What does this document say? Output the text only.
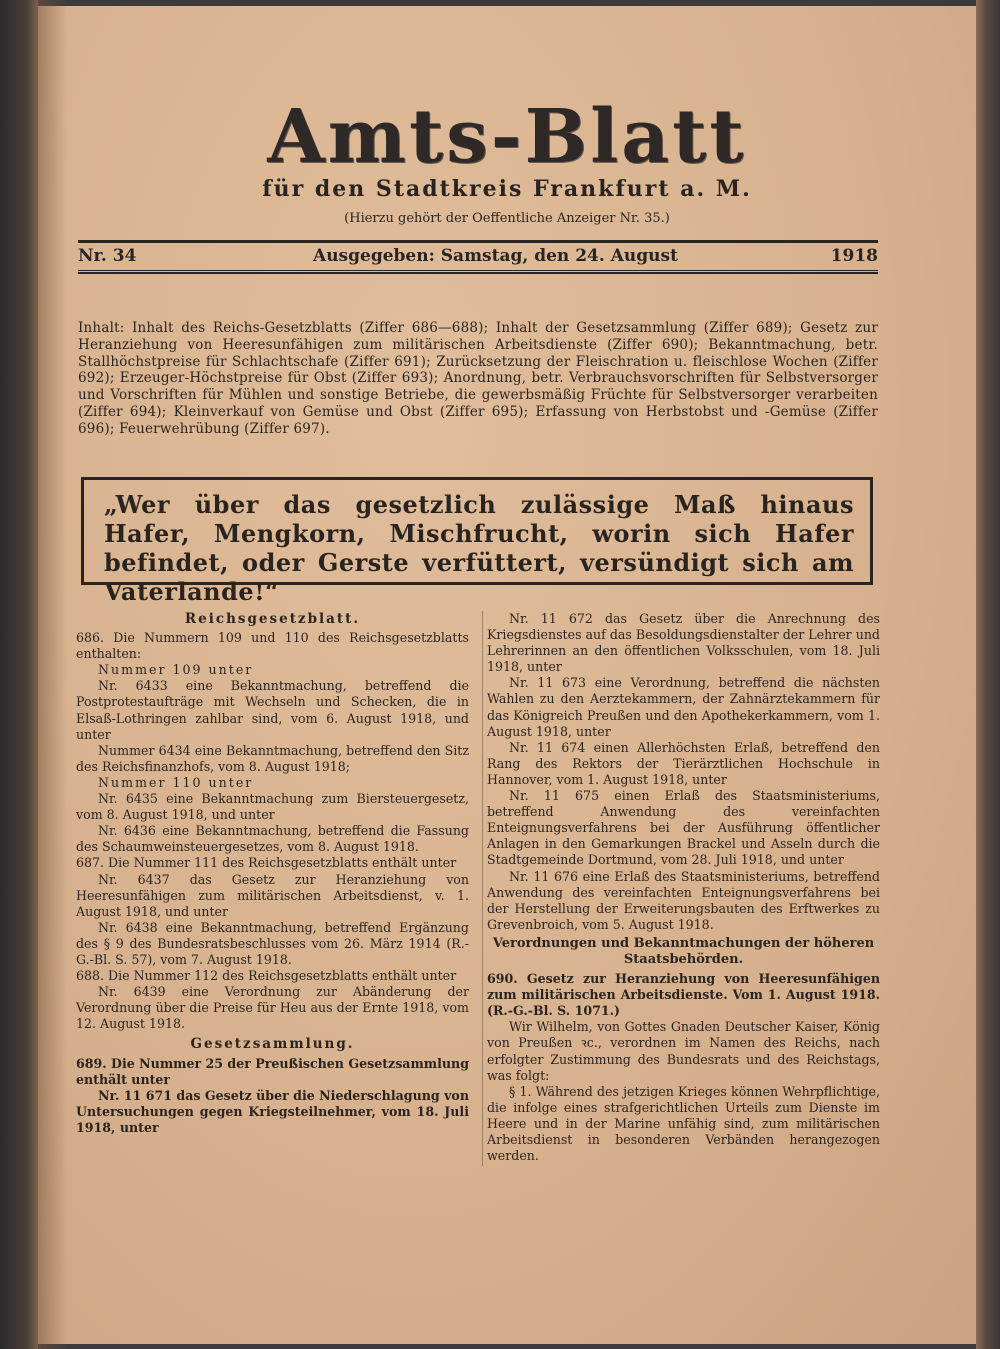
Amts-Blatt
für den Stadtkreis Frankfurt a. M.
(Hierzu gehört der Oeffentliche Anzeiger Nr. 35.)
Nr. 34	Ausgegeben: Samstag, den 24. August	1918
Inhalt: Inhalt des Reichs-Gesetzblatts (Ziffer 686—688); Inhalt der Gesetzsammlung (Ziffer 689); Gesetz zur Heranziehung von Heeresunfähigen zum militärischen Arbeitsdienste (Ziffer 690); Bekanntmachung, betr. Stallhöchstpreise für Schlachtschafe (Ziffer 691); Zurücksetzung der Fleischration u. fleischlose Wochen (Ziffer 692); Erzeuger-Höchstpreise für Obst (Ziffer 693); Anordnung, betr. Verbrauchsvorschriften für Selbstversorger und Vorschriften für Mühlen und sonstige Betriebe, die gewerbsmäßig Früchte für Selbstversorger verarbeiten (Ziffer 694); Kleinverkauf von Gemüse und Obst (Ziffer 695); Erfassung von Herbstobst und -Gemüse (Ziffer 696); Feuerwehrübung (Ziffer 697).
„Wer über das gesetzlich zulässige Maß hinaus Hafer, Mengkorn, Mischfrucht, worin sich Hafer befindet, oder Gerste verfüttert, versündigt sich am Vaterlande!“

Reichsgesetzblatt.

686. Die Nummern 109 und 110 des Reichsgesetzblatts enthalten:

Nummer 109 unter

Nr. 6433 eine Bekanntmachung, betreffend die Postprotestaufträge mit Wechseln und Schecken, die in Elsaß-Lothringen zahlbar sind, vom 6. August 1918, und unter

Nummer 6434 eine Bekanntmachung, betreffend den Sitz des Reichsfinanzhofs, vom 8. August 1918;

Nummer 110 unter

Nr. 6435 eine Bekanntmachung zum Biersteuergesetz, vom 8. August 1918, und unter

Nr. 6436 eine Bekanntmachung, betreffend die Fassung des Schaumweinsteuergesetzes, vom 8. August 1918.

687. Die Nummer 111 des Reichsgesetzblatts enthält unter

Nr. 6437 das Gesetz zur Heranziehung von Heeresunfähigen zum militärischen Arbeitsdienst, v. 1. August 1918, und unter

Nr. 6438 eine Bekanntmachung, betreffend Ergänzung des § 9 des Bundesratsbeschlusses vom 26. März 1914 (R.-G.-Bl. S. 57), vom 7. August 1918.

688. Die Nummer 112 des Reichsgesetzblatts enthält unter

Nr. 6439 eine Verordnung zur Abänderung der Verordnung über die Preise für Heu aus der Ernte 1918, vom 12. August 1918.

Gesetzsammlung.

689. Die Nummer 25 der Preußischen Gesetzsammlung enthält unter

Nr. 11 671 das Gesetz über die Niederschlagung von Untersuchungen gegen Kriegsteilnehmer, vom 18. Juli 1918, unter

Nr. 11 672 das Gesetz über die Anrechnung des Kriegsdienstes auf das Besoldungsdienstalter der Lehrer und Lehrerinnen an den öffentlichen Volksschulen, vom 18. Juli 1918, unter

Nr. 11 673 eine Verordnung, betreffend die nächsten Wahlen zu den Aerztekammern, der Zahnärztekammern für das Königreich Preußen und den Apothekerkammern, vom 1. August 1918, unter

Nr. 11 674 einen Allerhöchsten Erlaß, betreffend den Rang des Rektors der Tierärztlichen Hochschule in Hannover, vom 1. August 1918, unter

Nr. 11 675 einen Erlaß des Staatsministeriums, betreffend Anwendung des vereinfachten Enteignungsverfahrens bei der Ausführung öffentlicher Anlagen in den Gemarkungen Brackel und Asseln durch die Stadtgemeinde Dortmund, vom 28. Juli 1918, und unter

Nr. 11 676 eine Erlaß des Staatsministeriums, betreffend Anwendung des vereinfachten Enteignungsverfahrens bei der Herstellung der Erweiterungsbauten des Erftwerkes zu Grevenbroich, vom 5. August 1918.

Verordnungen und Bekanntmachungen der höheren Staatsbehörden.

690. Gesetz zur Heranziehung von Heeresunfähigen zum militärischen Arbeitsdienste. Vom 1. August 1918. (R.-G.-Bl. S. 1071.)

Wir Wilhelm, von Gottes Gnaden Deutscher Kaiser, König von Preußen ꝛc., verordnen im Namen des Reichs, nach erfolgter Zustimmung des Bundesrats und des Reichstags, was folgt:

§ 1. Während des jetzigen Krieges können Wehrpflichtige, die infolge eines strafgerichtlichen Urteils zum Dienste im Heere und in der Marine unfähig sind, zum militärischen Arbeitsdienst in besonderen Verbänden herangezogen werden.
